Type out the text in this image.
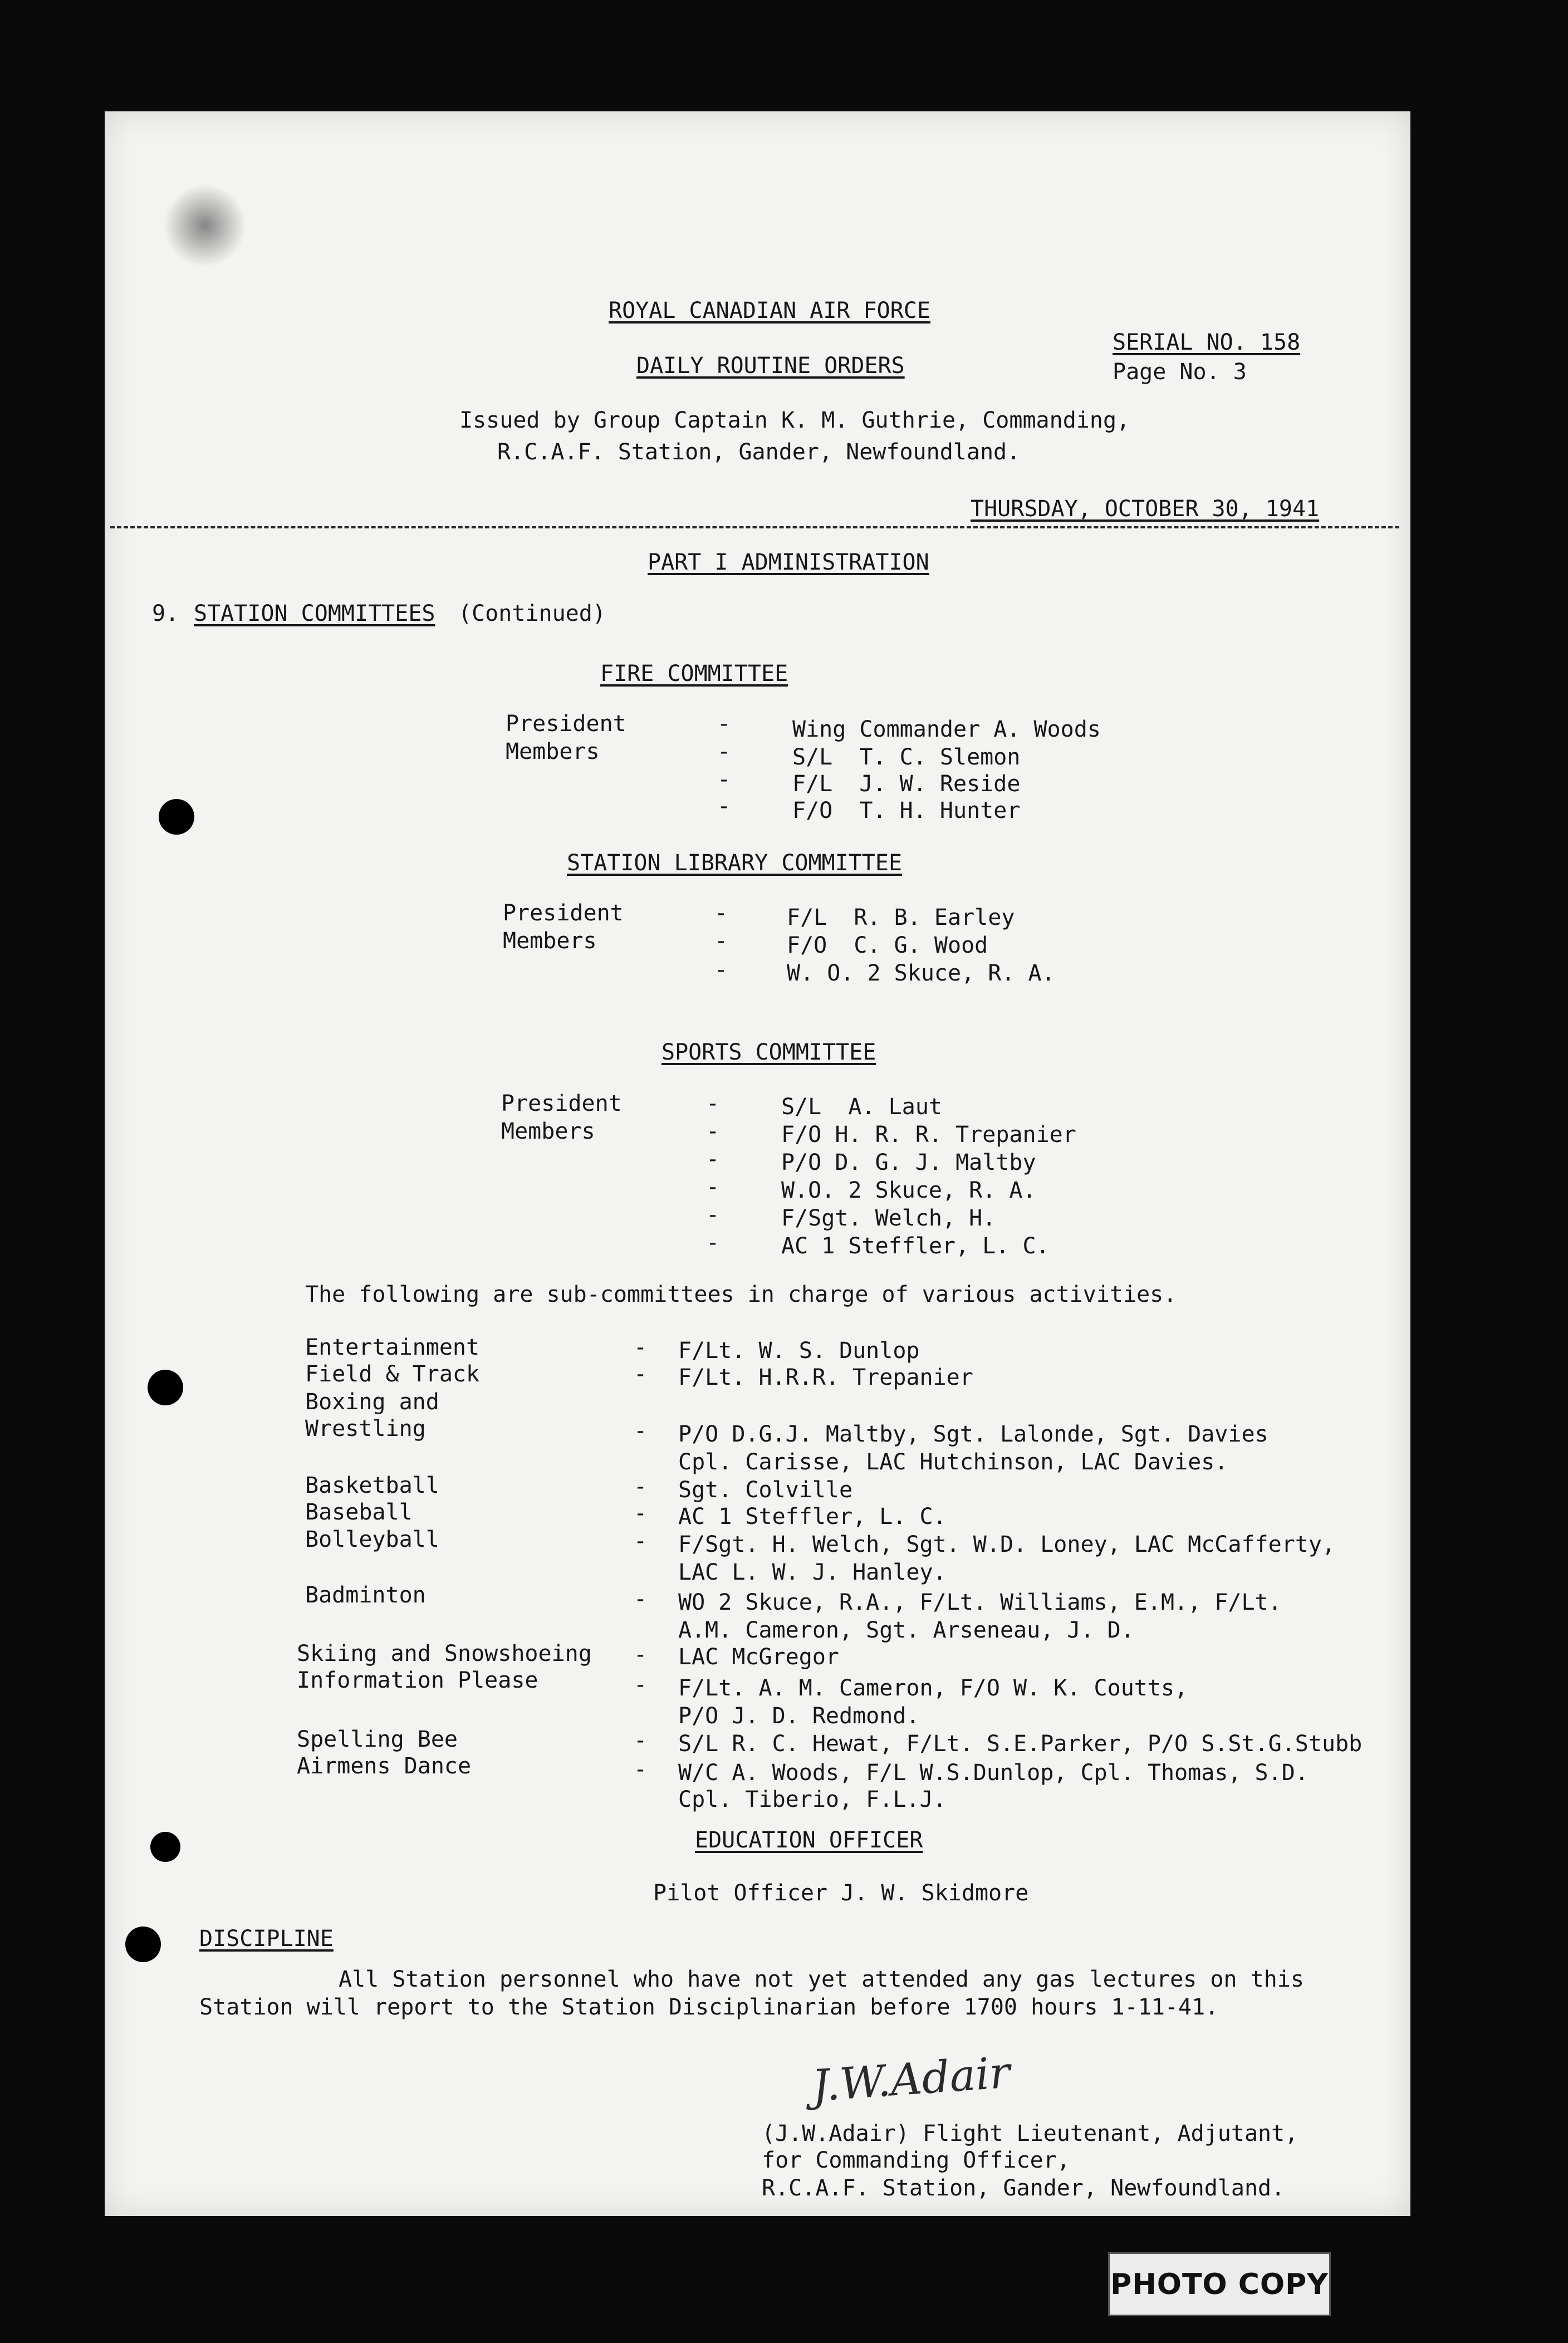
ROYAL CANADIAN AIR FORCE
DAILY ROUTINE ORDERS
SERIAL NO. 158
Page No. 3
Issued by Group Captain K. M. Guthrie, Commanding,
R.C.A.F. Station, Gander, Newfoundland.
THURSDAY, OCTOBER 30, 1941
PART I ADMINISTRATION
9. STATION COMMITTEES (Continued)
FIRE COMMITTEE
President	-	Wing Commander A. Woods
Members	-	S/L  T. C. Slemon
-	F/L  J. W. Reside
-	F/O  T. H. Hunter
STATION LIBRARY COMMITTEE
President	-	F/L  R. B. Earley
Members	-	F/O  C. G. Wood
-	W. O. 2 Skuce, R. A.
SPORTS COMMITTEE
President	-	S/L  A. Laut
Members	-	F/O H. R. R. Trepanier
-	P/O D. G. J. Maltby
-	W.O. 2 Skuce, R. A.
-	F/Sgt. Welch, H.
-	AC 1 Steffler, L. C.
The following are sub-committees in charge of various activities.
Entertainment	- F/Lt. W. S. Dunlop
Field & Track	- F/Lt. H.R.R. Trepanier
Boxing and
Wrestling	- P/O D.G.J. Maltby, Sgt. Lalonde, Sgt. Davies
Cpl. Carisse, LAC Hutchinson, LAC Davies.
Basketball	- Sgt. Colville
Baseball	- AC 1 Steffler, L. C.
Bolleyball	- F/Sgt. H. Welch, Sgt. W.D. Loney, LAC McCafferty,
LAC L. W. J. Hanley.
Badminton	- WO 2 Skuce, R.A., F/Lt. Williams, E.M., F/Lt.
A.M. Cameron, Sgt. Arseneau, J. D.
Skiing and Snowshoeing - LAC McGregor
Information Please	- F/Lt. A. M. Cameron, F/O W. K. Coutts,
P/O J. D. Redmond.
Spelling Bee	- S/L R. C. Hewat, F/Lt. S.E.Parker, P/O S.St.G.Stubb
Airmens Dance	- W/C A. Woods, F/L W.S.Dunlop, Cpl. Thomas, S.D.
Cpl. Tiberio, F.L.J.
EDUCATION OFFICER
Pilot Officer J. W. Skidmore
DISCIPLINE
All Station personnel who have not yet attended any gas lectures on this
Station will report to the Station Disciplinarian before 1700 hours 1-11-41.
J.W.Adair
(J.W.Adair) Flight Lieutenant, Adjutant,
for Commanding Officer,
R.C.A.F. Station, Gander, Newfoundland.
PHOTO COPY
